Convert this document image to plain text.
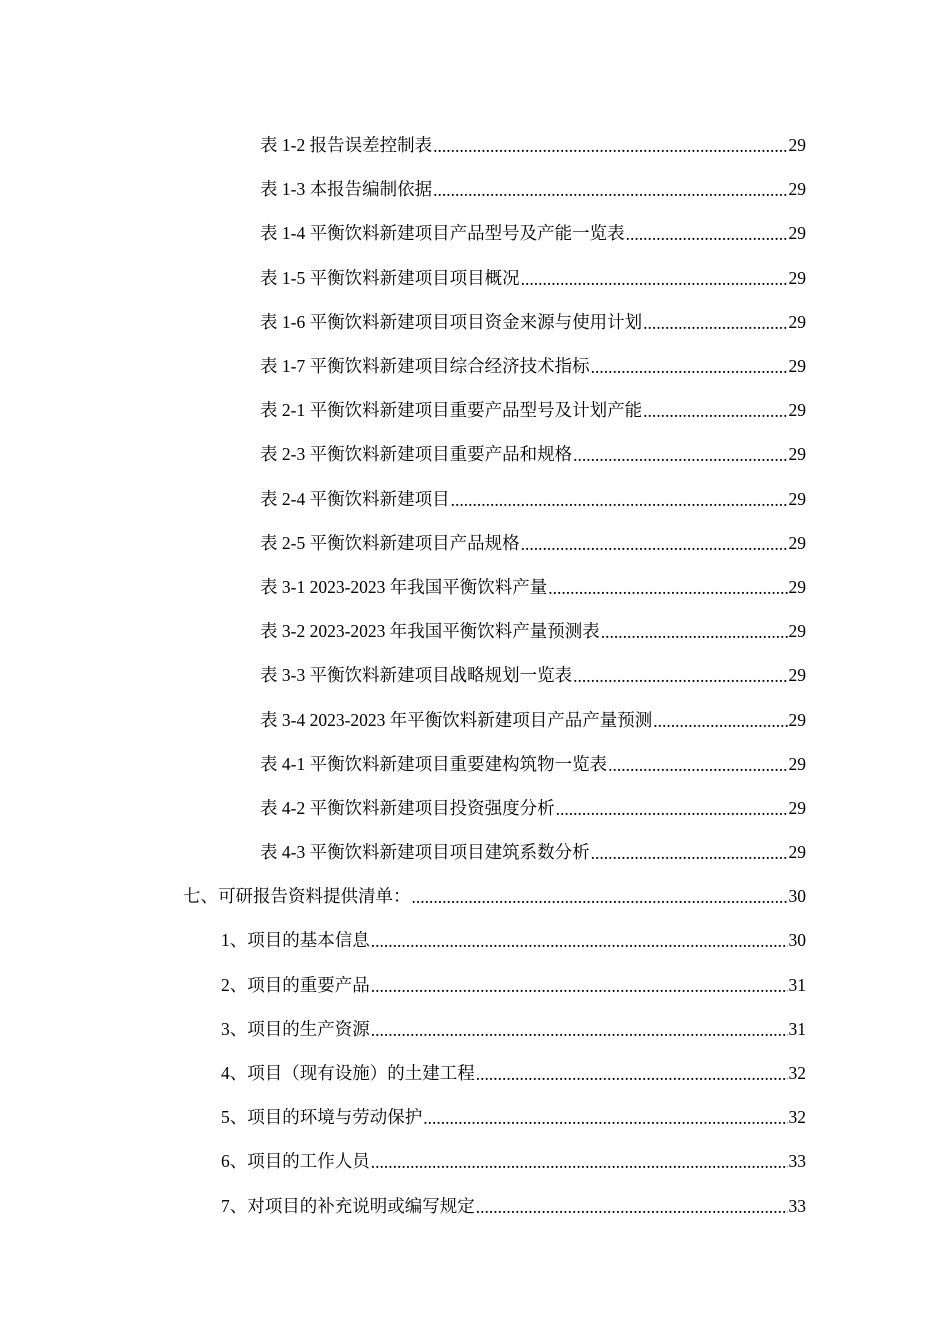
表 1-2 报告误差控制表 .....	29
表 1-3 本报告编制依据 .....	29
表 1-4 平衡饮料新建项目产品型号及产能一览表 .....	29
表 1-5 平衡饮料新建项目项目概况 .....	29
表 1-6 平衡饮料新建项目项目资金来源与使用计划 .....	29
表 1-7 平衡饮料新建项目综合经济技术指标 .....	29
表 2-1 平衡饮料新建项目重要产品型号及计划产能 .....	29
表 2-3 平衡饮料新建项目重要产品和规格 .....	29
表 2-4 平衡饮料新建项目 .....	29
表 2-5 平衡饮料新建项目产品规格 .....	29
表 3-1 2023-2023 年我国平衡饮料产量 .....	29
表 3-2 2023-2023 年我国平衡饮料产量预测表 .....	29
表 3-3 平衡饮料新建项目战略规划一览表 .....	29
表 3-4 2023-2023 年平衡饮料新建项目产品产量预测 .....	29
表 4-1 平衡饮料新建项目重要建构筑物一览表 .....	29
表 4-2 平衡饮料新建项目投资强度分析 .....	29
表 4-3 平衡饮料新建项目项目建筑系数分析 .....	29
七、可研报告资料提供清单： .....	30
1、项目的基本信息 .....	30
2、项目的重要产品 .....	31
3、项目的生产资源 .....	31
4、项目（现有设施）的土建工程 .....	32
5、项目的环境与劳动保护 .....	32
6、项目的工作人员 .....	33
7、对项目的补充说明或编写规定 .....	33
